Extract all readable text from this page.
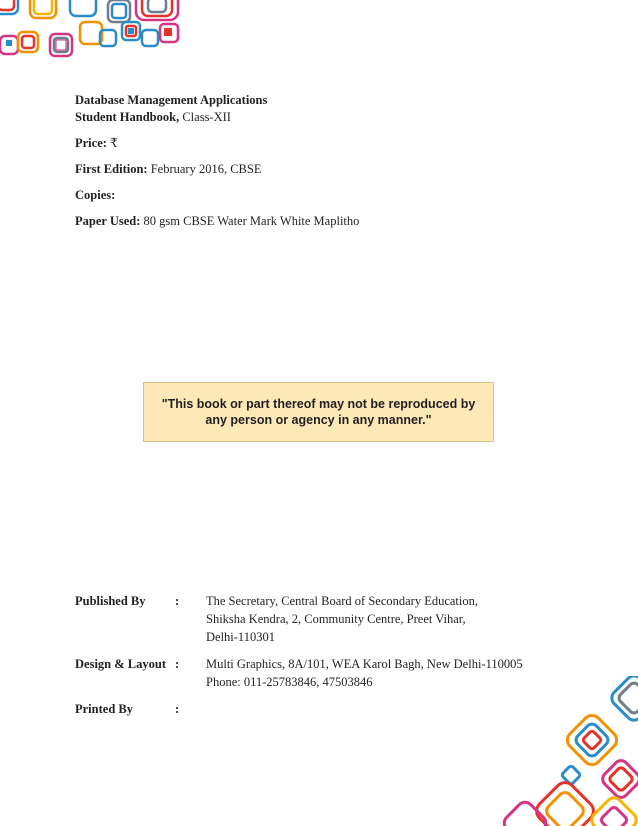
Database Management Applications

Student Handbook, Class-XII

Price: ₹

First Edition: February 2016, CBSE

Copies:

Paper Used: 80 gsm CBSE Water Mark White Maplitho

"This book or part thereof may not be reproduced by
any person or agency in any manner."
Published By	:	The Secretary, Central Board of Secondary Education,
Shiksha Kendra, 2, Community Centre, Preet Vihar,
Delhi-110301
Design & Layout :	Multi Graphics, 8A/101, WEA Karol Bagh, New Delhi-110005
Phone: 011-25783846, 47503846
Printed By	:
